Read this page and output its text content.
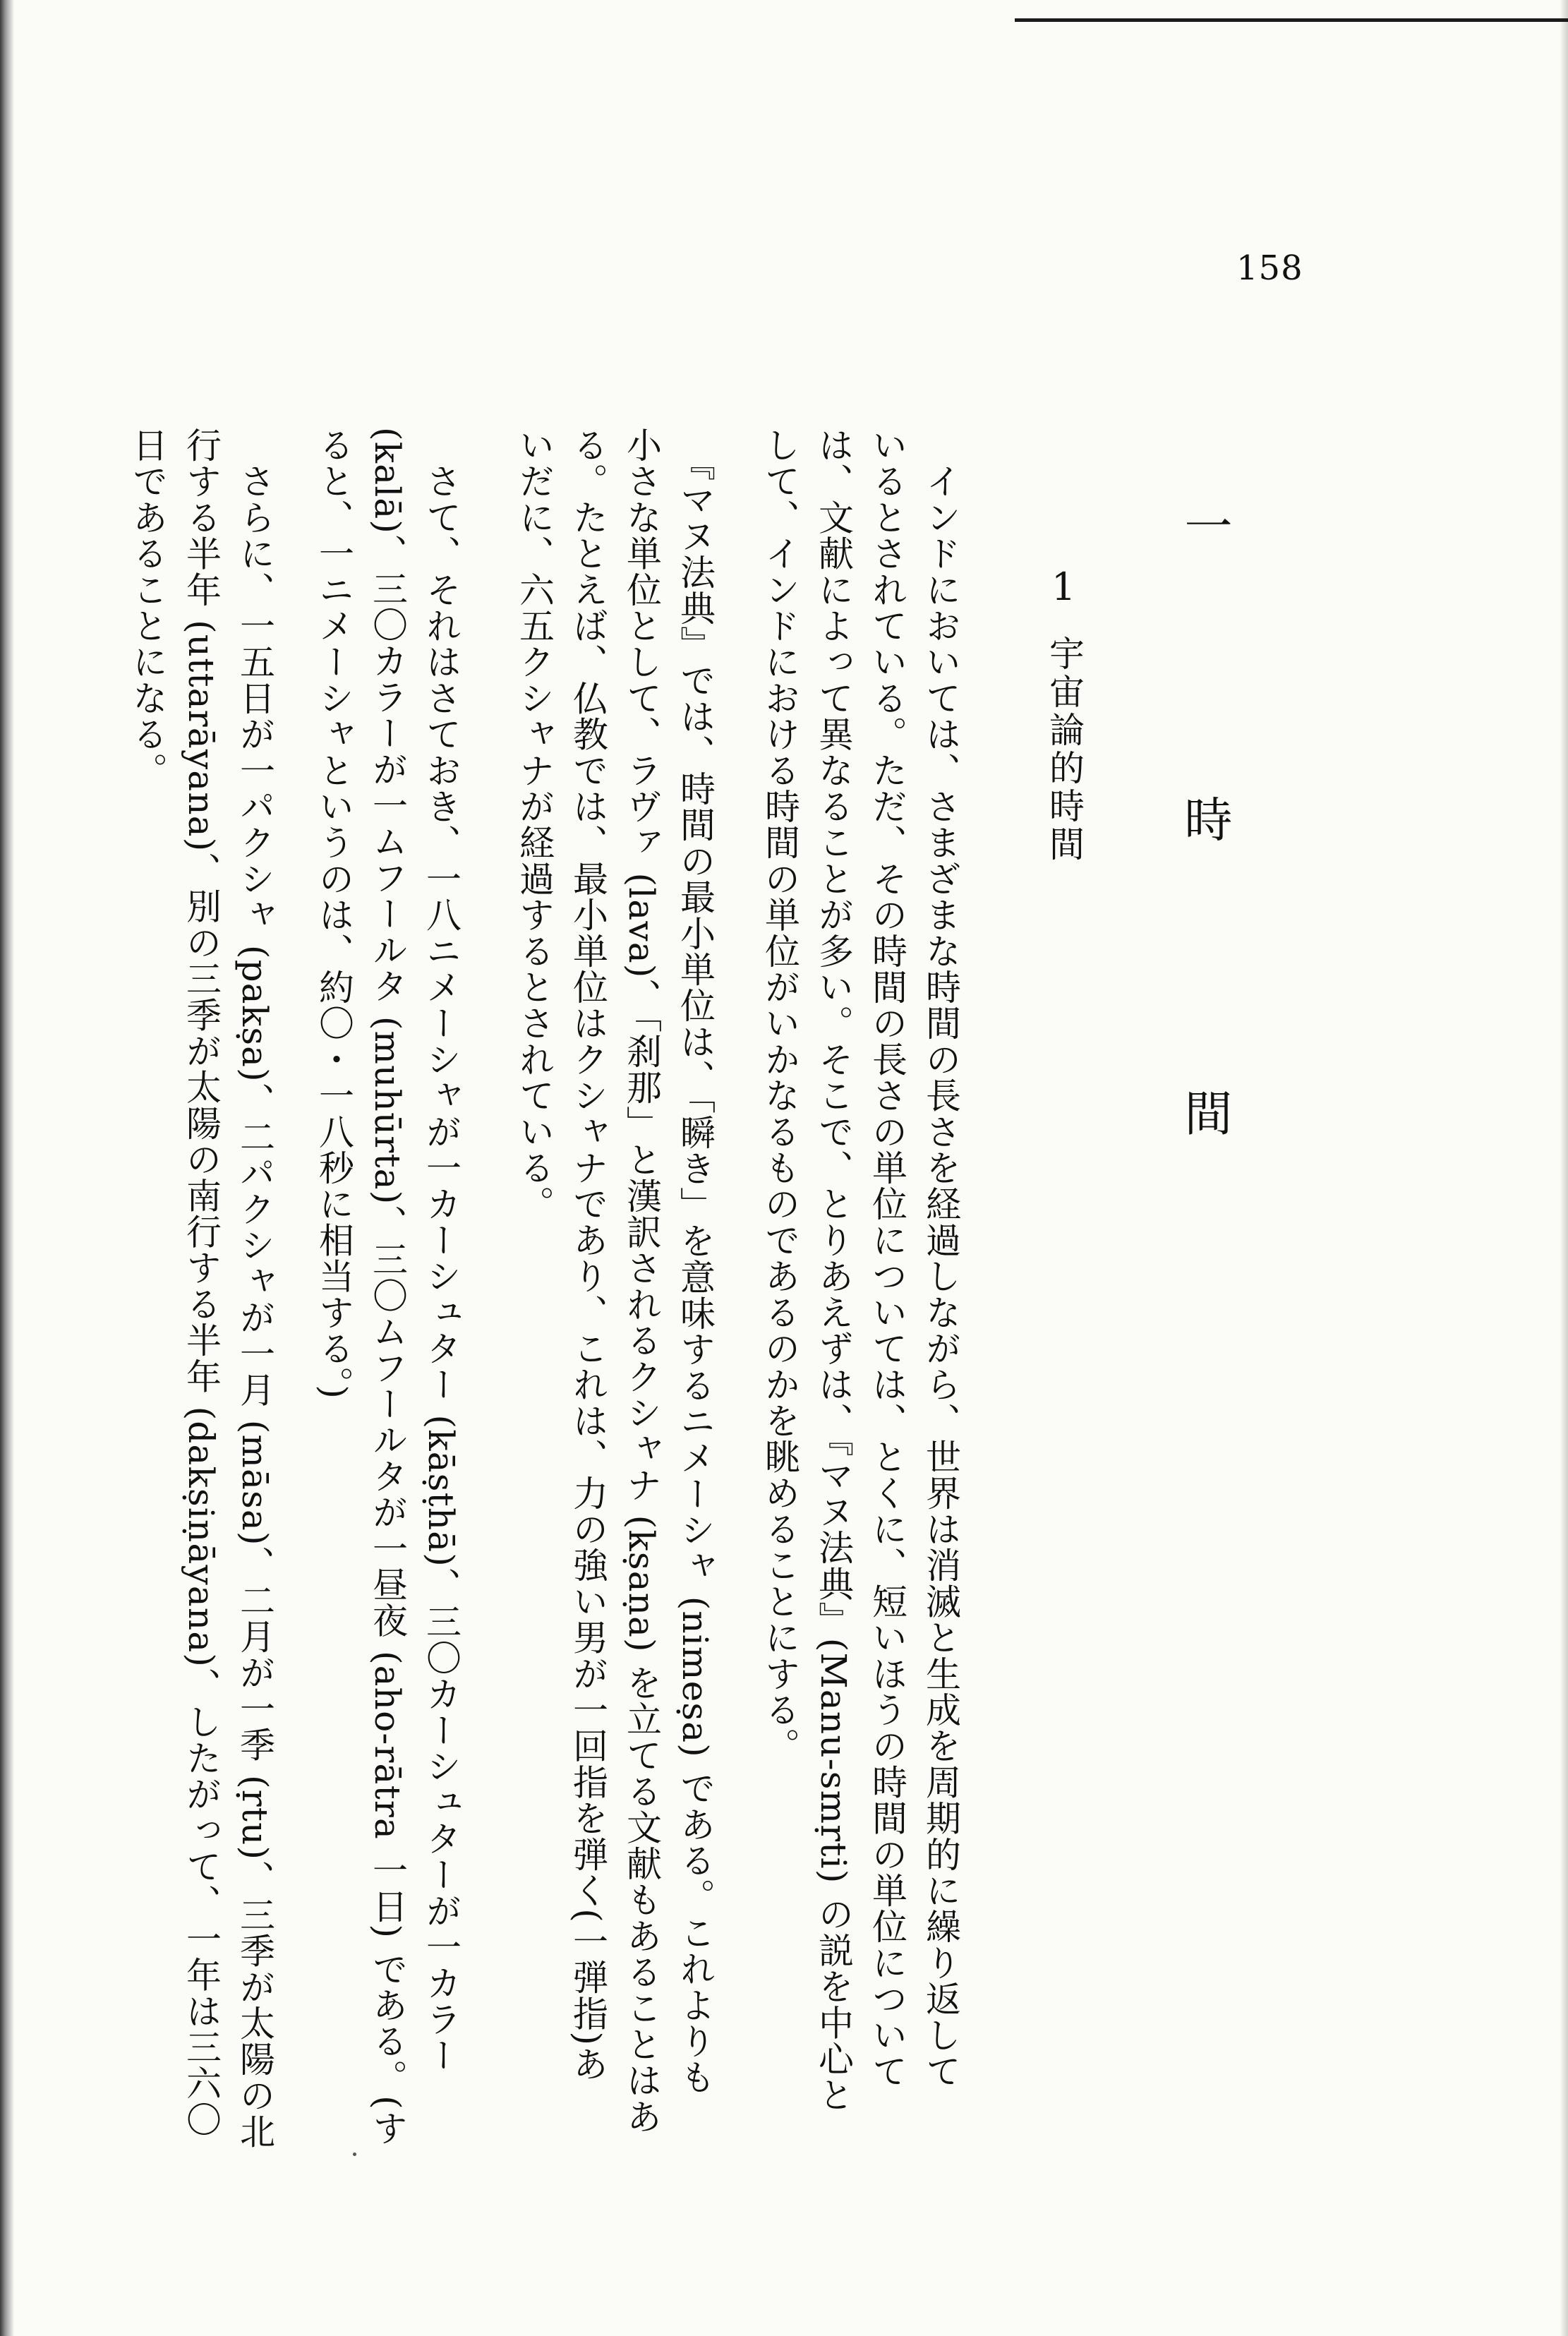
158
一　時　間
1
宇宙論的時間
　インドにおいては、さまざまな時間の長さを経過しながら、世界は消滅と生成を周期的に繰り返して
いるとされている。ただ、その時間の長さの単位については、とくに、短いほうの時間の単位について
は、文献によって異なることが多い。そこで、とりあえずは、『マヌ法典』(Manu-smṛti) の説を中心と
して、インドにおける時間の単位がいかなるものであるのかを眺めることにする。
　『マヌ法典』では、時間の最小単位は、「瞬き」を意味するニメーシャ (nimeṣa) である。これよりも
小さな単位として、ラヴァ (lava)、「刹那」と漢訳されるクシャナ (kṣaṇa) を立てる文献もあることはあ
る。たとえば、仏教では、最小単位はクシャナであり、これは、力の強い男が一回指を弾く(一弾指)あ
いだに、六五クシャナが経過するとされている。
　さて、それはさておき、一八ニメーシャが一カーシュター (kāṣṭhā)、三〇カーシュターが一カラー
(kalā)、三〇カラーが一ムフールタ (muhūrta)、三〇ムフールタが一昼夜 (aho-rātra 一日) である。(す
ると、一ニメーシャというのは、約〇・一八秒に相当する。)
　さらに、一五日が一パクシャ (pakṣa)、二パクシャが一月 (māsa)、二月が一季 (ṛtu)、三季が太陽の北
行する半年 (uttarāyana)、別の三季が太陽の南行する半年 (dakṣiṇāyana)、したがって、一年は三六〇
日であることになる。
